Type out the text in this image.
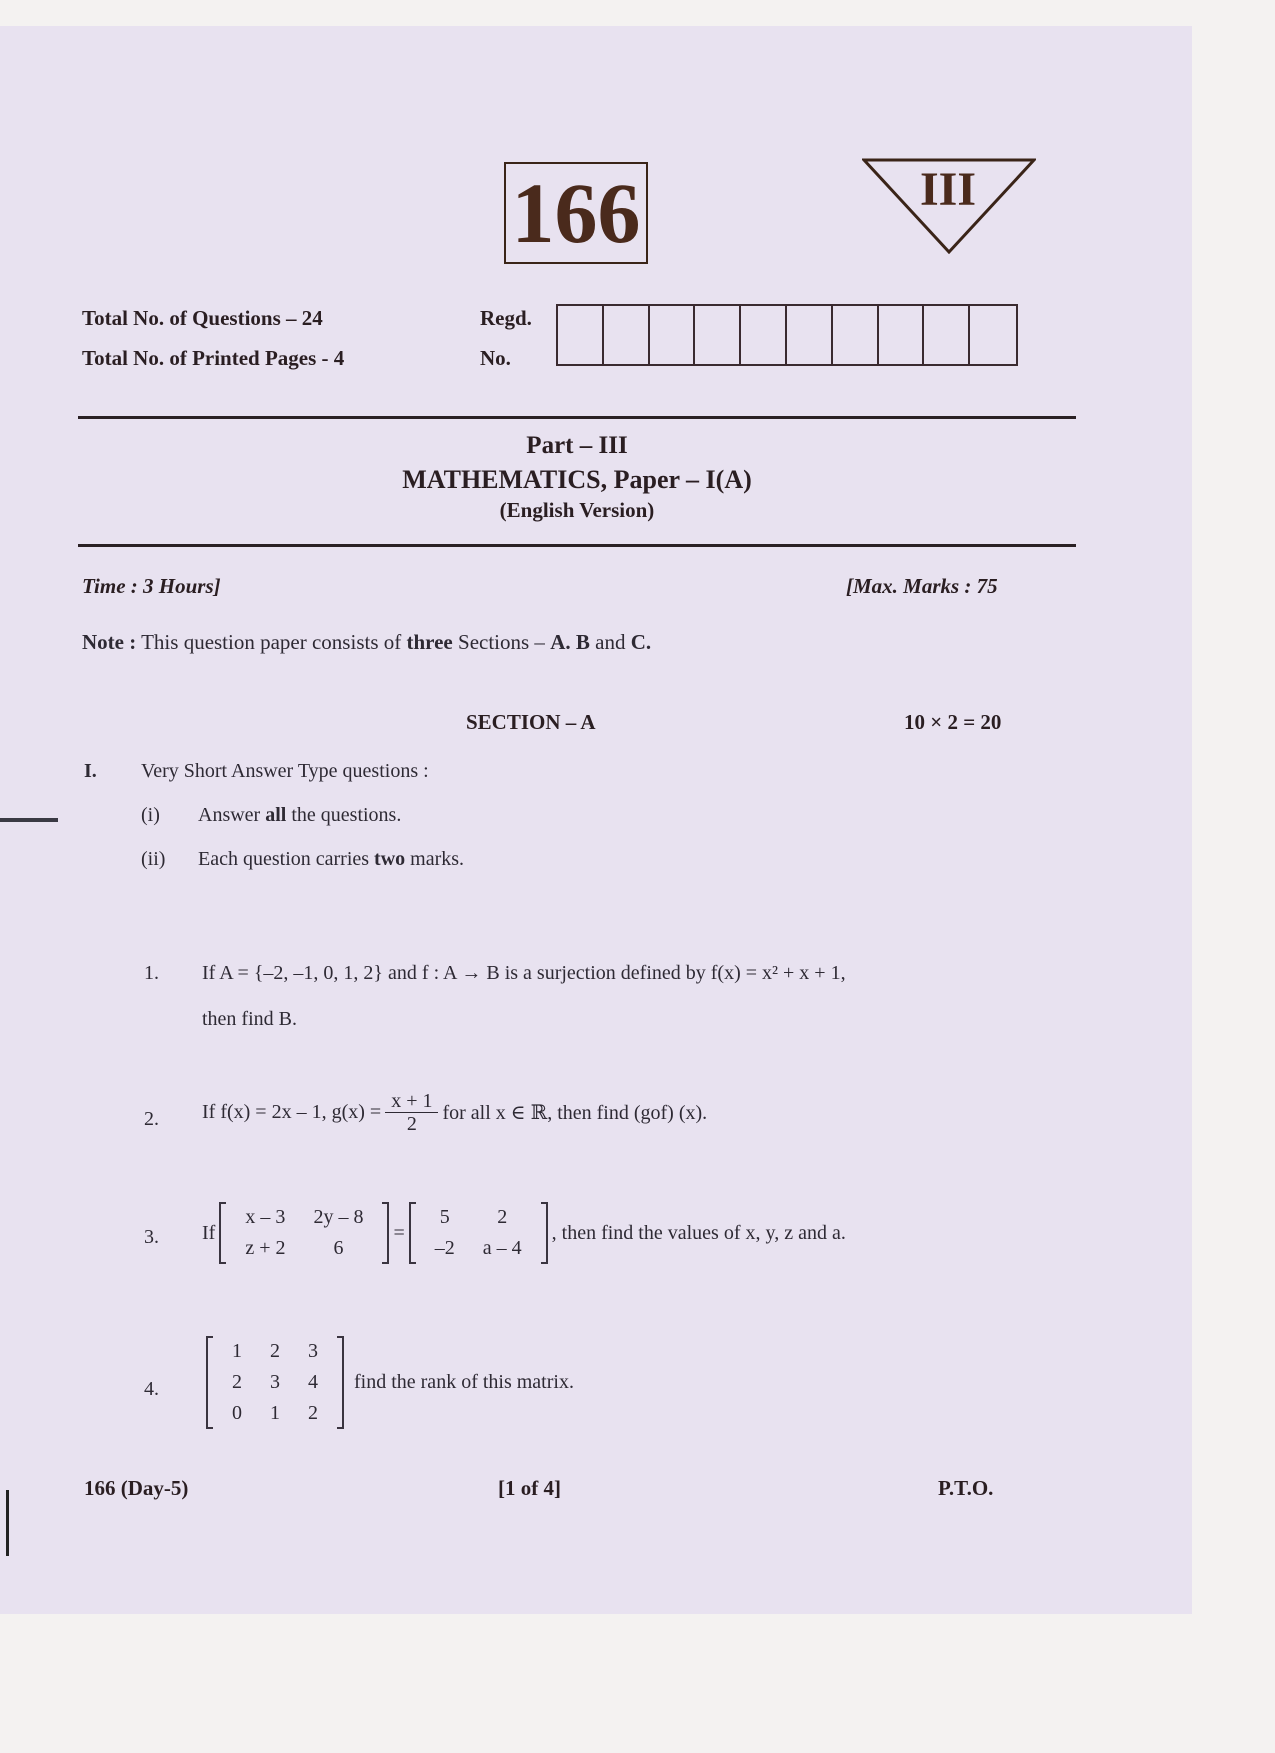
166	III
Total No. of Questions – 24
Total No. of Printed Pages - 4
Regd.
No.
Part – III
MATHEMATICS, Paper – I(A)
(English Version)
Time : 3 Hours]	[Max. Marks : 75
Note : This question paper consists of three Sections – A. B and C.
SECTION – A	10 × 2 = 20
I. Very Short Answer Type questions :
(i) Answer all the questions.
(ii) Each question carries two marks.
1. If A = {–2, –1, 0, 1, 2} and f : A → B is a surjection defined by f(x) = x² + x + 1,
then find B.
2. If f(x) = 2x – 1, $g(x) = \frac{x + 1}{2}$ for all x ∈ ℝ, then find (gof) (x).
3. If
x – 3	2y – 8
z + 2	6
=
5	2
–2	a – 4
, then find the values of x, y, z and a.
4.
1	2	3
2	3	4
0	1	2
find the rank of this matrix.
166 (Day-5)	[1 of 4]	P.T.O.
